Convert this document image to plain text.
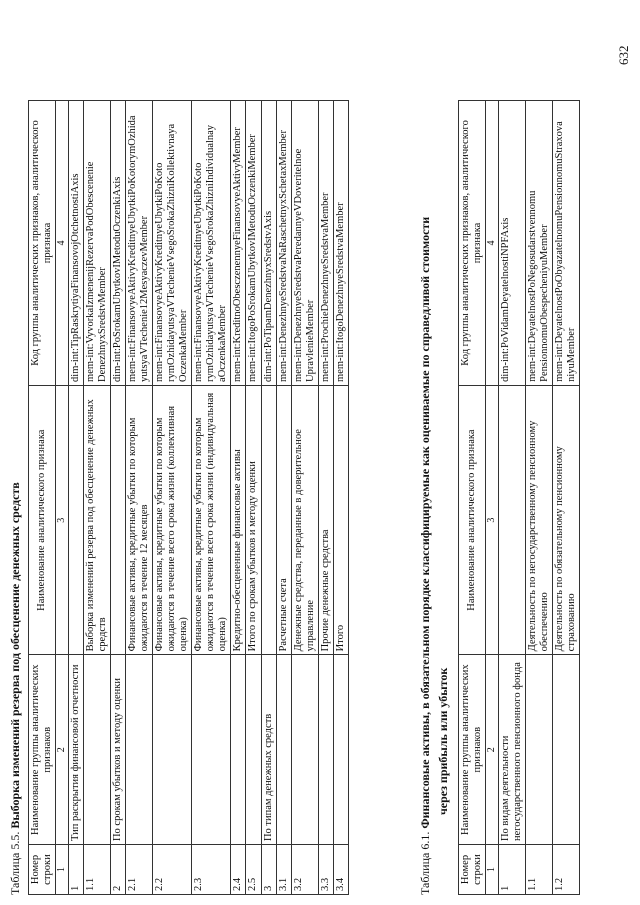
Таблица 5.5. Выборка изменений резерва под обесценение денежных средств
Номер строки	Наименование группы аналитических признаков	Наименование аналитического признака	Код группы аналитических признаков, аналитического признака
1	2	3	4
1	Тип раскрытия финансовой отчетности		dim-int:TipRaskrytiyaFinansovojOtchetnostiAxis
1.1		Выборка изменений резерва под обесценение денежных средств	mem-int:VyvorkaIzmenenijRezervaPodObescenenie DenezhnyxSredstvMember
2	По срокам убытков и методу оценки		dim-int:PoSrokamUbytkovIMetoduOczenkiAxis
2.1		Финансовые активы, кредитные убытки по которым ожидаются в течение 12 месяцев	mem-int:FinansovyeAktivyKreditnyeUbytkiPoKotorymOzhida yutsyaVTechenie12MesyaczevMember
2.2		Финансовые активы, кредитные убытки по которым ожидаются в течение всего срока жизни (коллективная оценка)	mem-int:FinansovyeAktivyKreditnyeUbytkiPoKoto rymOzhidayutsyaVTechenieVsegoSrokaZhizniKollektivnaya OczenkaMember
2.3		Финансовые активы, кредитные убытки по которым ожидаются в течение всего срока жизни (индивидуальная оценка)	mem-int:FinansovyeAktivyKreditnyeUbytkiPoKoto rymOzhidayutsyaVTechenieVsegoSrokaZhizniIndividualnay aOczenkaMember
2.4		Кредитно-обесцененные финансовые активы	mem-int:KreditnoObesczenennyeFinansovyeAktivyMember
2.5		Итого по срокам убытков и методу оценки	mem-int:ItogoPoSrokamUbytkovIMetoduOczenkiMember
3	По типам денежных средств		dim-int:PoTipamDenezhnyxSredstvAxis
3.1		Расчетные счета	mem-int:DenezhnyeSredstvaNaRaschetnyxSchetaxMember
3.2		Денежные средства, переданные в доверительное управление	mem-int:DenezhnyeSredstvaPeredannyeVDoveritelnoe UpravlenieMember
3.3		Прочие денежные средства	mem-int:ProchieDenezhnyeSredstvaMember
3.4		Итого	mem-int:ItogoDenezhnyeSredstvaMember
Таблица 6.1. Финансовые активы, в обязательном порядке классифицируемые как оцениваемые по справедливой стоимости через прибыль или убыток
Номер строки	Наименование группы аналитических признаков	Наименование аналитического признака	Код группы аналитических признаков, аналитического признака
1	2	3	4
1	По видам деятельности негосударственного пенсионного фонда		dim-int:PoVidamDeyatelnostiNPFAxis
1.1		Деятельность по негосударственному пенсионному обеспечению	mem-int:DeyatelnostPoNegosudarstvennomu PensionnomuObespecheniyuMember
1.2		Деятельность по обязательному пенсионному страхованию	mem-int:DeyatelnostPoObyazatelnomuPensionnomuStraxova niyuMember
632
